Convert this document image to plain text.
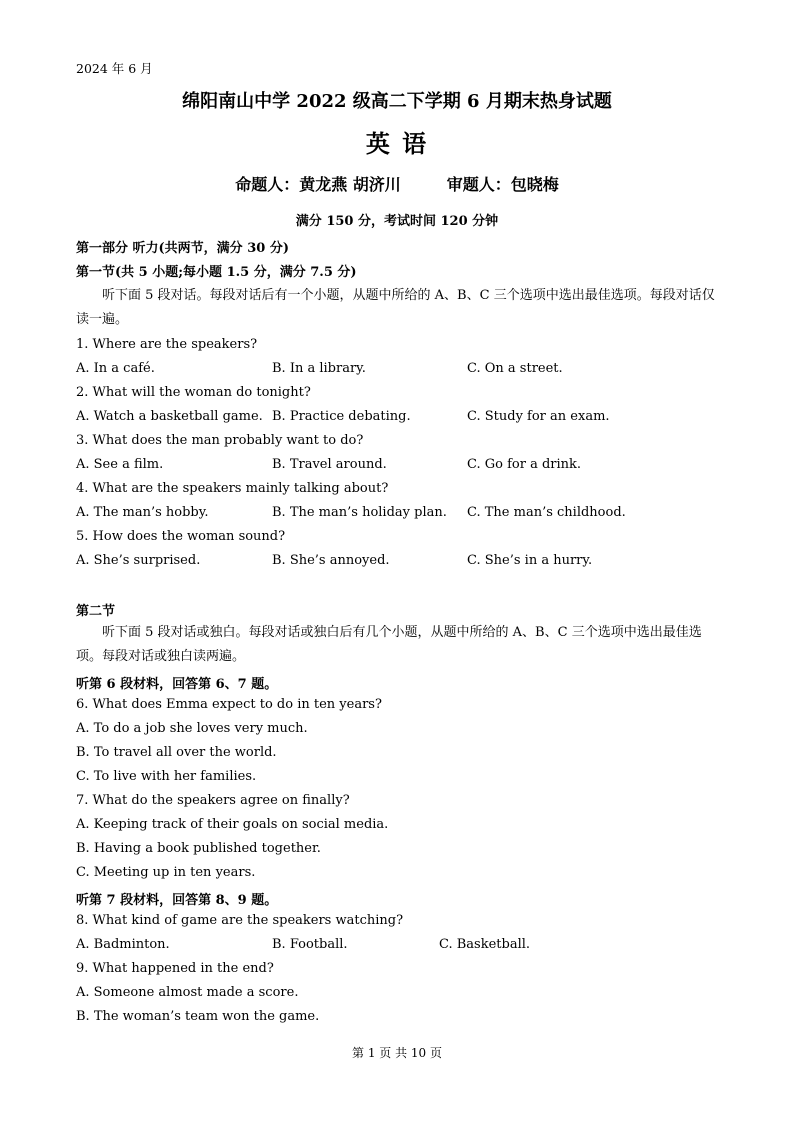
2024 年 6 月
绵阳南山中学 2022 级高二下学期 6 月期末热身试题
英 语
命题人：黄龙燕 胡济川	审题人：包晓梅
满分 150 分，考试时间 120 分钟
第一部分 听力(共两节，满分 30 分)
第一节(共 5 小题;每小题 1.5 分，满分 7.5 分)
听下面 5 段对话。每段对话后有一个小题，从题中所给的 A、B、C 三个选项中选出最佳选项。每段对话仅读一遍。
1. Where are the speakers?
A. In a café.	B. In a library.	C. On a street.
2. What will the woman do tonight?
A. Watch a basketball game. B. Practice debating.	C. Study for an exam.
3. What does the man probably want to do?
A. See a film.	B. Travel around.	C. Go for a drink.
4. What are the speakers mainly talking about?
A. The man’s hobby.	B. The man’s holiday plan. C. The man’s childhood.
5. How does the woman sound?
A. She’s surprised.	B. She’s annoyed.	C. She’s in a hurry.
第二节
听下面 5 段对话或独白。每段对话或独白后有几个小题，从题中所给的 A、B、C 三个选项中选出最佳选项。每段对话或独白读两遍。
听第 6 段材料，回答第 6、7 题。
6. What does Emma expect to do in ten years?
A. To do a job she loves very much.
B. To travel all over the world.
C. To live with her families.
7. What do the speakers agree on finally?
A. Keeping track of their goals on social media.
B. Having a book published together.
C. Meeting up in ten years.
听第 7 段材料，回答第 8、9 题。
8. What kind of game are the speakers watching?
A. Badminton.	B. Football.	C. Basketball.
9. What happened in the end?
A. Someone almost made a score.
B. The woman’s team won the game.
第 1 页 共 10 页
